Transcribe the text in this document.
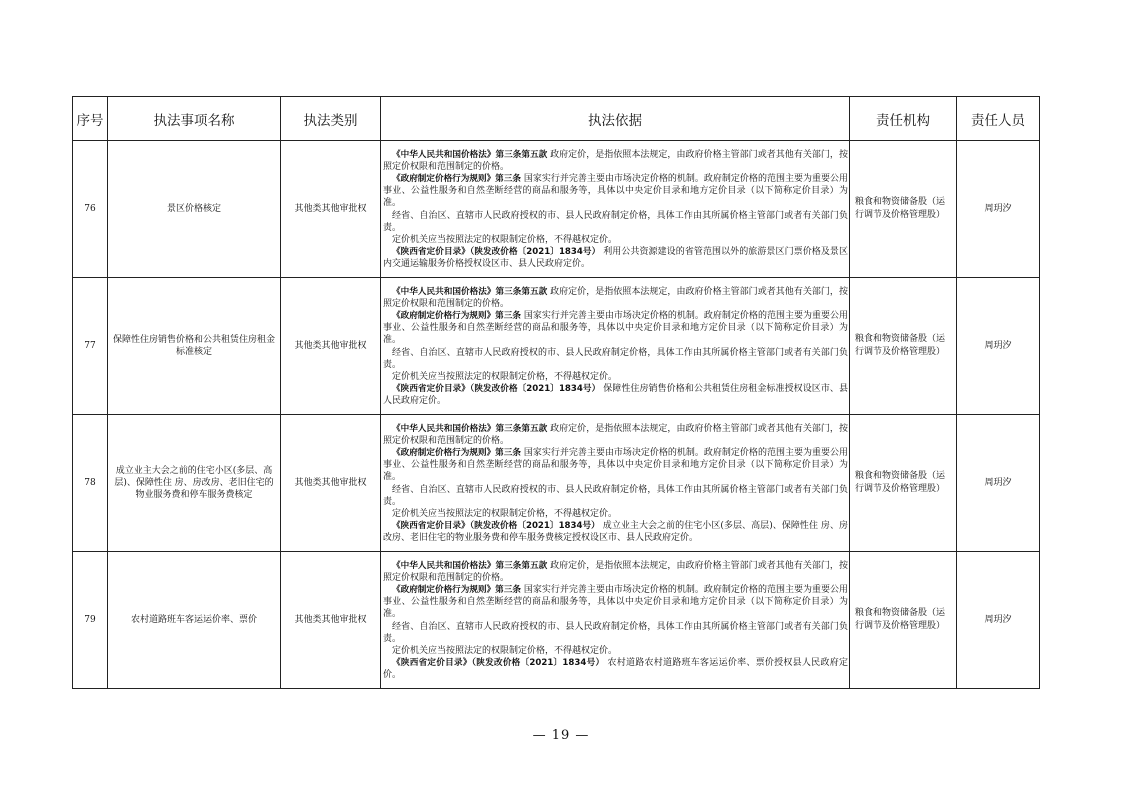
序号	执法事项名称	执法类别	执法依据	责任机构	责任人员
76	景区价格核定	其他类其他审批权	《中华人民共和国价格法》第三条第五款 政府定价，是指依照本法规定，由政府价格主管部门或者其他有关部门，按照定价权限和范围制定的价格。

《政府制定价格行为规则》第三条 国家实行并完善主要由市场决定价格的机制。政府制定价格的范围主要为重要公用事业、公益性服务和自然垄断经营的商品和服务等，具体以中央定价目录和地方定价目录（以下简称定价目录）为准。

经省、自治区、直辖市人民政府授权的市、县人民政府制定价格，具体工作由其所属价格主管部门或者有关部门负责。

定价机关应当按照法定的权限制定价格，不得越权定价。

《陕西省定价目录》（陕发改价格〔2021〕1834号） 利用公共资源建设的省管范围以外的旅游景区门票价格及景区内交通运输服务价格授权设区市、县人民政府定价。	粮食和物资储备股（运行调节及价格管理股）	周玥汐
77	保障性住房销售价格和公共租赁住房租金标准核定	其他类其他审批权	《中华人民共和国价格法》第三条第五款 政府定价，是指依照本法规定，由政府价格主管部门或者其他有关部门，按照定价权限和范围制定的价格。

《政府制定价格行为规则》第三条 国家实行并完善主要由市场决定价格的机制。政府制定价格的范围主要为重要公用事业、公益性服务和自然垄断经营的商品和服务等，具体以中央定价目录和地方定价目录（以下简称定价目录）为准。

经省、自治区、直辖市人民政府授权的市、县人民政府制定价格，具体工作由其所属价格主管部门或者有关部门负责。

定价机关应当按照法定的权限制定价格，不得越权定价。

《陕西省定价目录》（陕发改价格〔2021〕1834号） 保障性住房销售价格和公共租赁住房租金标准授权设区市、县人民政府定价。	粮食和物资储备股（运行调节及价格管理股）	周玥汐
78	成立业主大会之前的住宅小区(多层、高层)、保障性住 房、房改房、老旧住宅的物业服务费和停车服务费核定	其他类其他审批权	《中华人民共和国价格法》第三条第五款 政府定价，是指依照本法规定，由政府价格主管部门或者其他有关部门，按照定价权限和范围制定的价格。

《政府制定价格行为规则》第三条 国家实行并完善主要由市场决定价格的机制。政府制定价格的范围主要为重要公用事业、公益性服务和自然垄断经营的商品和服务等，具体以中央定价目录和地方定价目录（以下简称定价目录）为准。

经省、自治区、直辖市人民政府授权的市、县人民政府制定价格，具体工作由其所属价格主管部门或者有关部门负责。

定价机关应当按照法定的权限制定价格，不得越权定价。

《陕西省定价目录》（陕发改价格〔2021〕1834号） 成立业主大会之前的住宅小区(多层、高层)、保障性住 房、房改房、老旧住宅的物业服务费和停车服务费核定授权设区市、县人民政府定价。	粮食和物资储备股（运行调节及价格管理股）	周玥汐
79	农村道路班车客运运价率、票价	其他类其他审批权	《中华人民共和国价格法》第三条第五款 政府定价，是指依照本法规定，由政府价格主管部门或者其他有关部门，按照定价权限和范围制定的价格。

《政府制定价格行为规则》第三条 国家实行并完善主要由市场决定价格的机制。政府制定价格的范围主要为重要公用事业、公益性服务和自然垄断经营的商品和服务等，具体以中央定价目录和地方定价目录（以下简称定价目录）为准。

经省、自治区、直辖市人民政府授权的市、县人民政府制定价格，具体工作由其所属价格主管部门或者有关部门负责。

定价机关应当按照法定的权限制定价格，不得越权定价。

《陕西省定价目录》（陕发改价格〔2021〕1834号） 农村道路农村道路班车客运运价率、票价授权县人民政府定价。	粮食和物资储备股（运行调节及价格管理股）	周玥汐
— 19 —
